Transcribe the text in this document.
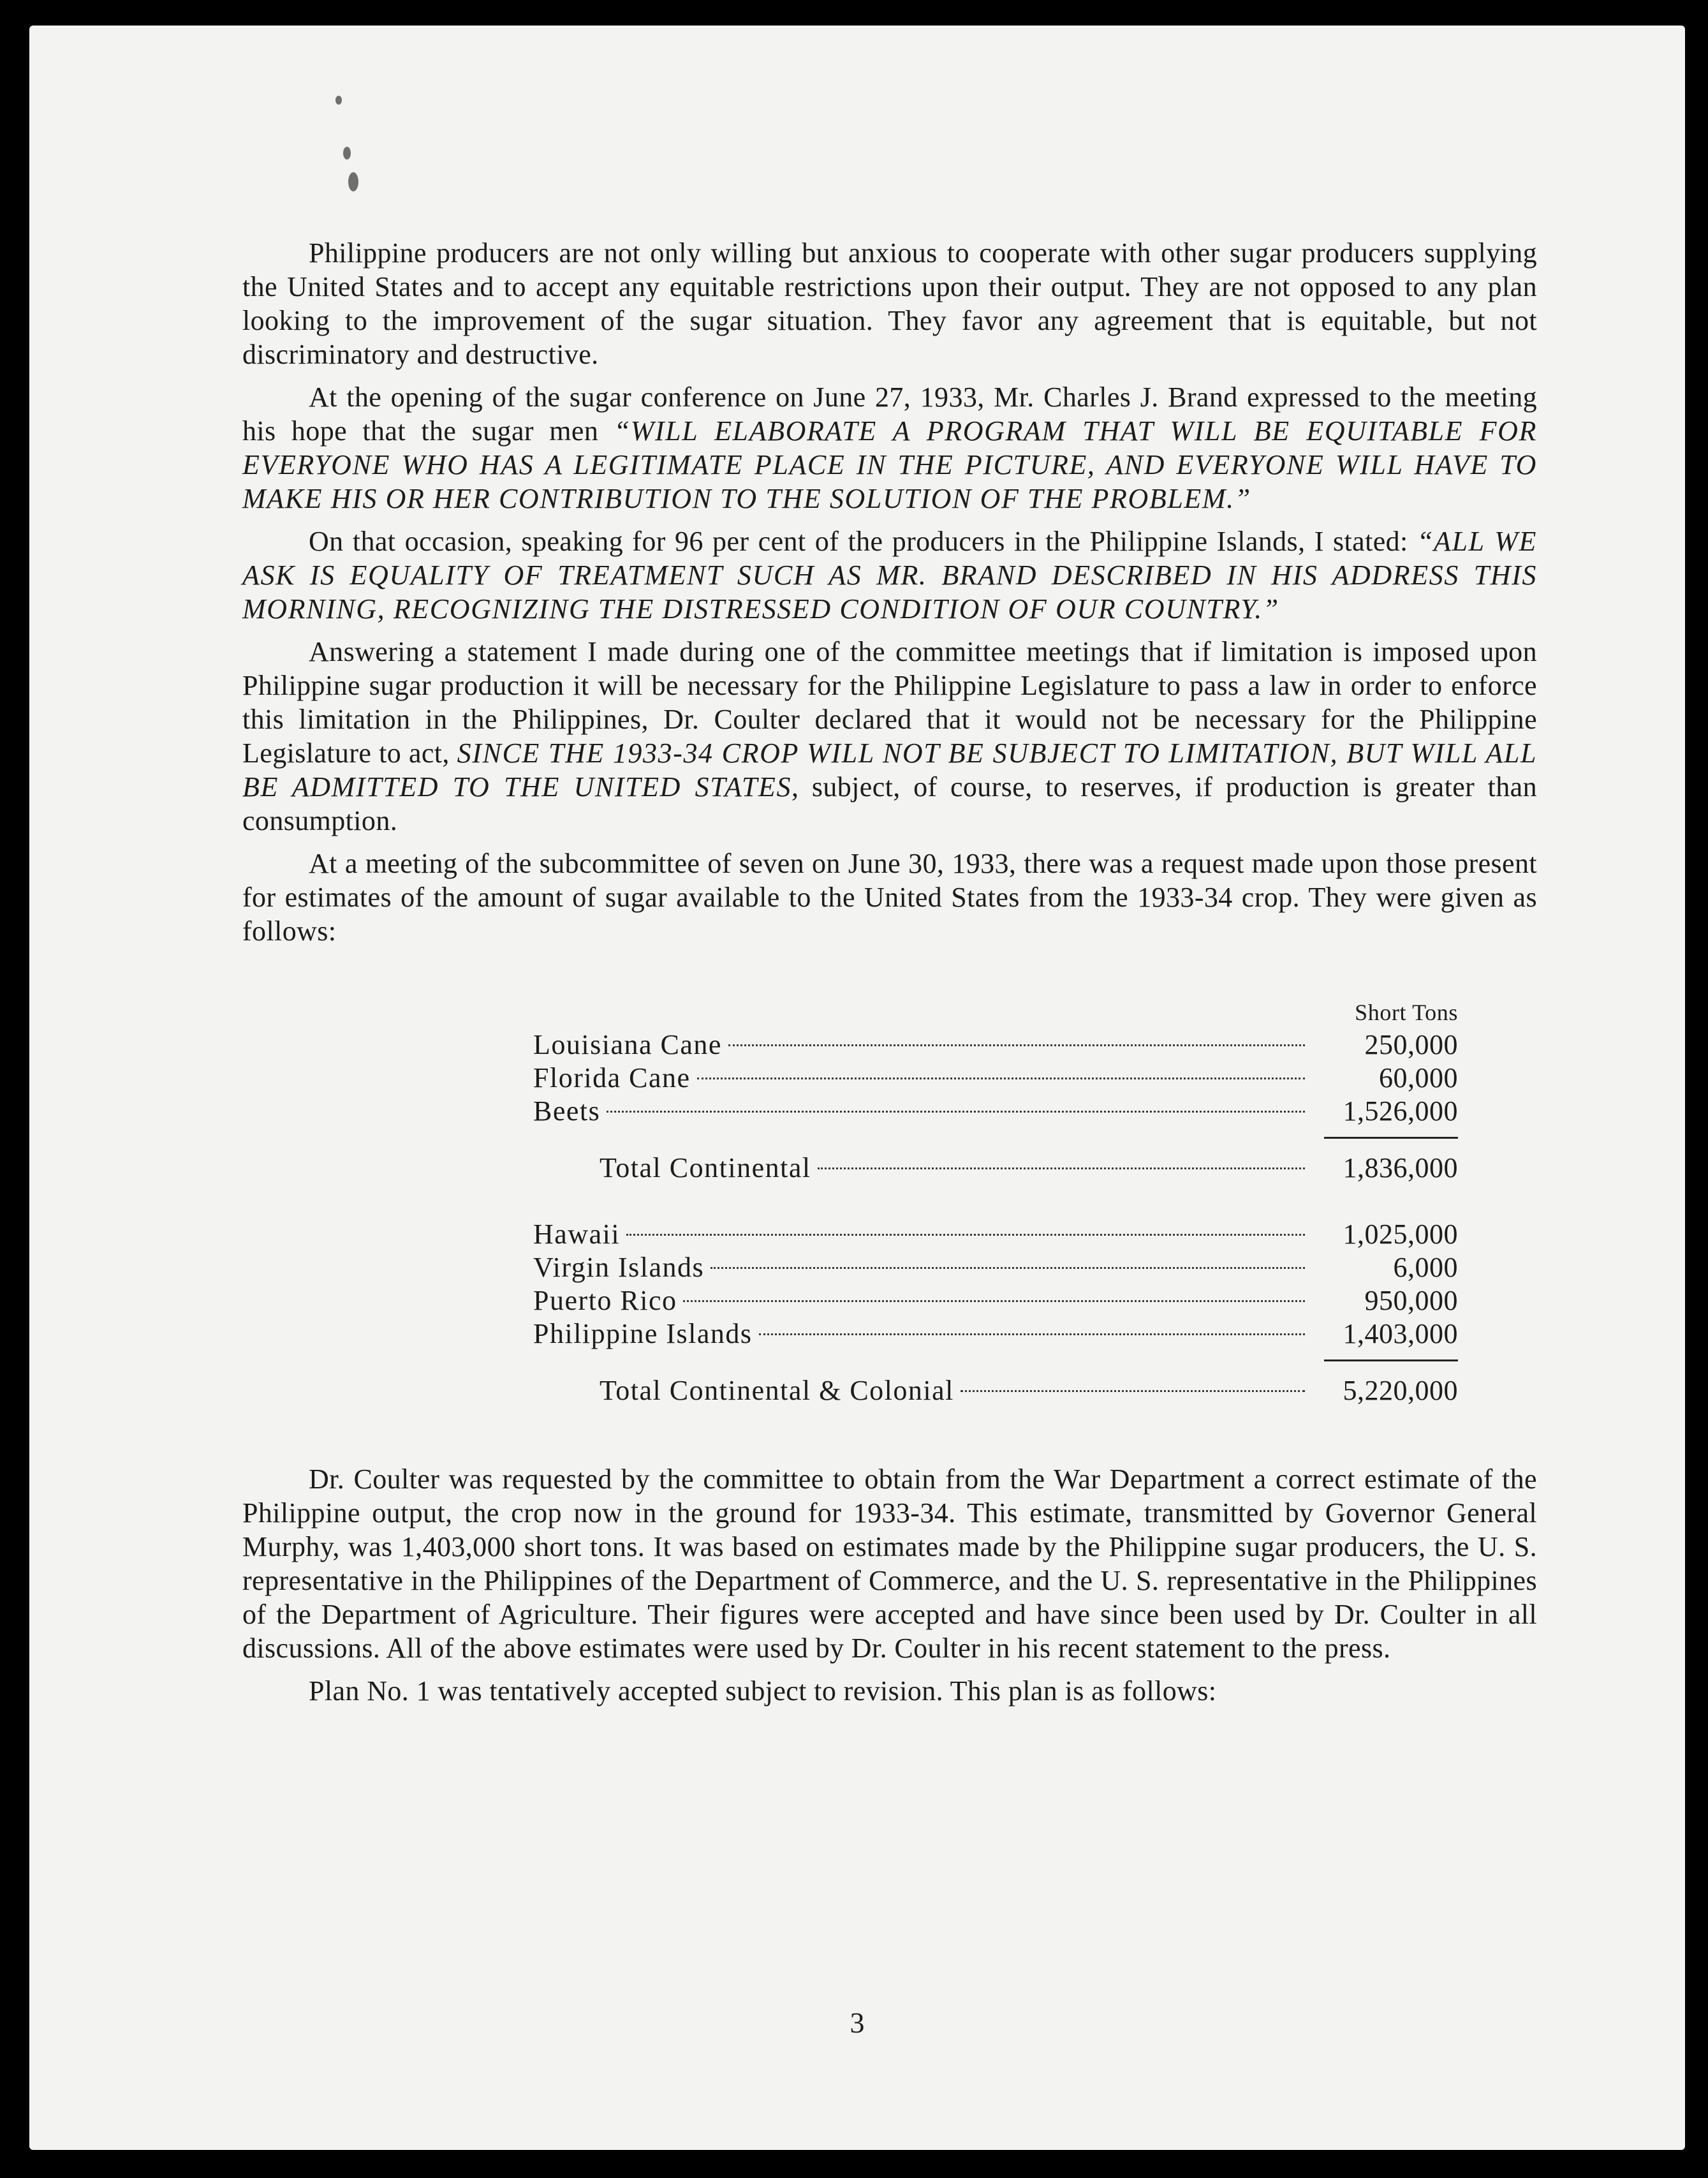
Philippine producers are not only willing but anxious to cooperate with other sugar producers supplying the United States and to accept any equitable restrictions upon their output. They are not opposed to any plan looking to the improvement of the sugar situation. They favor any agreement that is equitable, but not discriminatory and destructive.

At the opening of the sugar conference on June 27, 1933, Mr. Charles J. Brand expressed to the meeting his hope that the sugar men “WILL ELABORATE A PROGRAM THAT WILL BE EQUITABLE FOR EVERYONE WHO HAS A LEGITIMATE PLACE IN THE PICTURE, AND EVERYONE WILL HAVE TO MAKE HIS OR HER CONTRIBUTION TO THE SOLUTION OF THE PROBLEM.”

On that occasion, speaking for 96 per cent of the producers in the Philippine Islands, I stated: “ALL WE ASK IS EQUALITY OF TREATMENT SUCH AS MR. BRAND DESCRIBED IN HIS ADDRESS THIS MORNING, RECOGNIZING THE DISTRESSED CONDITION OF OUR COUNTRY.”

Answering a statement I made during one of the committee meetings that if limitation is imposed upon Philippine sugar production it will be necessary for the Philippine Legislature to pass a law in order to enforce this limitation in the Philippines, Dr. Coulter declared that it would not be necessary for the Philippine Legislature to act, SINCE THE 1933-34 CROP WILL NOT BE SUBJECT TO LIMITATION, BUT WILL ALL BE ADMITTED TO THE UNITED STATES, subject, of course, to reserves, if production is greater than consumption.

At a meeting of the subcommittee of seven on June 30, 1933, there was a request made upon those present for estimates of the amount of sugar available to the United States from the 1933-34 crop. They were given as follows:

Short Tons
Louisiana Cane	250,000
Florida Cane	60,000
Beets	1,526,000
Total Continental	1,836,000
Hawaii	1,025,000
Virgin Islands	6,000
Puerto Rico	950,000
Philippine Islands	1,403,000
Total Continental & Colonial	5,220,000

Dr. Coulter was requested by the committee to obtain from the War Department a correct estimate of the Philippine output, the crop now in the ground for 1933-34. This estimate, transmitted by Governor General Murphy, was 1,403,000 short tons. It was based on estimates made by the Philippine sugar producers, the U. S. representative in the Philippines of the Department of Commerce, and the U. S. representative in the Philippines of the Department of Agriculture. Their figures were accepted and have since been used by Dr. Coulter in all discussions. All of the above estimates were used by Dr. Coulter in his recent statement to the press.

Plan No. 1 was tentatively accepted subject to revision. This plan is as follows:

3
